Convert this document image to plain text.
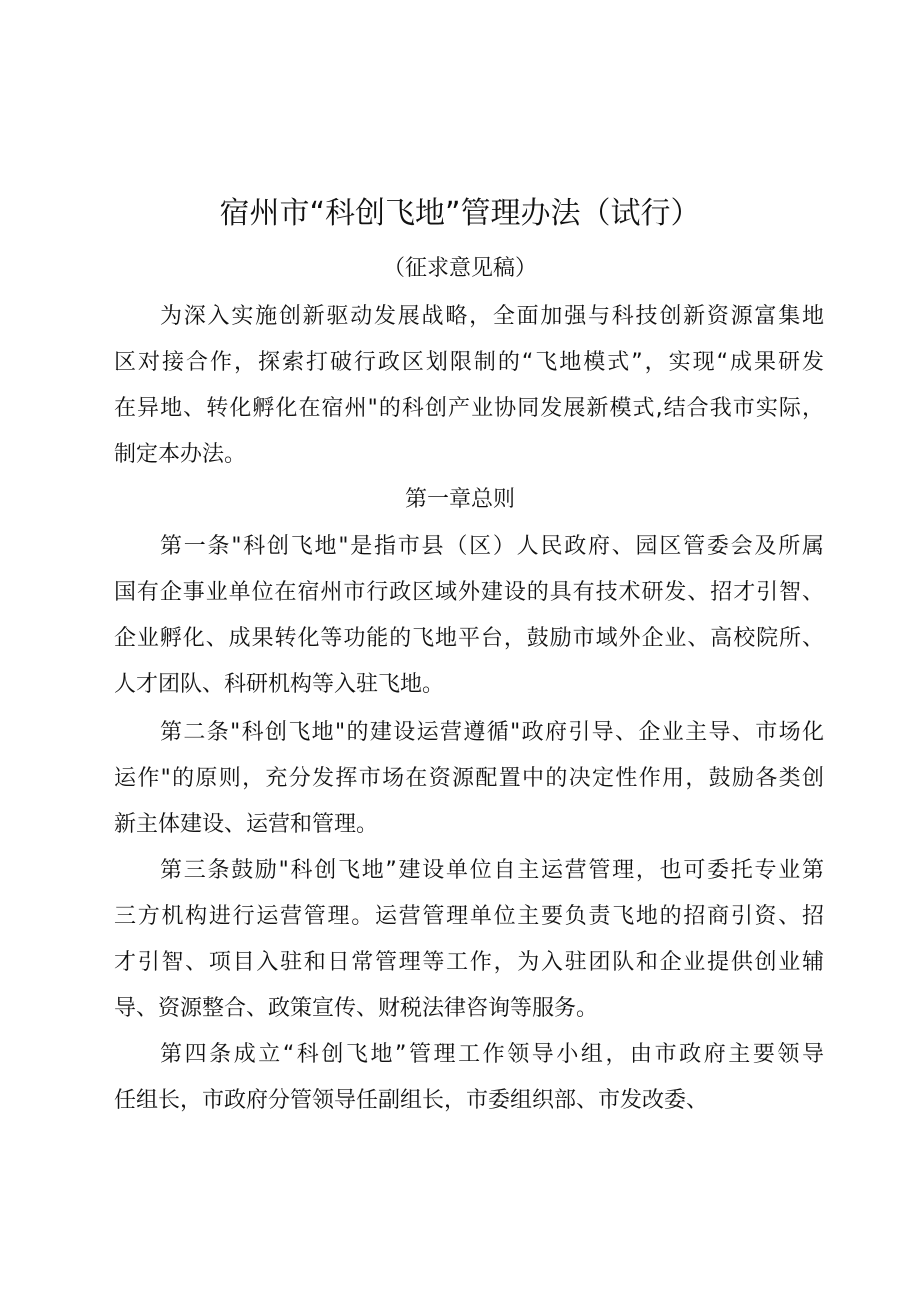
宿州市“科创飞地”管理办法（试行）
（征求意见稿）
为深入实施创新驱动发展战略，全面加强与科技创新资源富集地
区对接合作，探索打破行政区划限制的“飞地模式”，实现“成果研发
在异地、转化孵化在宿州"的科创产业协同发展新模式,结合我市实际，
制定本办法。
第一章总则
第一条"科创飞地"是指市县（区）人民政府、园区管委会及所属
国有企事业单位在宿州市行政区域外建设的具有技术研发、招才引智、
企业孵化、成果转化等功能的飞地平台，鼓励市域外企业、高校院所、
人才团队、科研机构等入驻飞地。
第二条"科创飞地"的建设运营遵循"政府引导、企业主导、市场化
运作"的原则，充分发挥市场在资源配置中的决定性作用，鼓励各类创
新主体建设、运营和管理。
第三条鼓励"科创飞地”建设单位自主运营管理，也可委托专业第
三方机构进行运营管理。运营管理单位主要负责飞地的招商引资、招
才引智、项目入驻和日常管理等工作，为入驻团队和企业提供创业辅
导、资源整合、政策宣传、财税法律咨询等服务。
第四条成立“科创飞地”管理工作领导小组，由市政府主要领导
任组长，市政府分管领导任副组长，市委组织部、市发改委、
